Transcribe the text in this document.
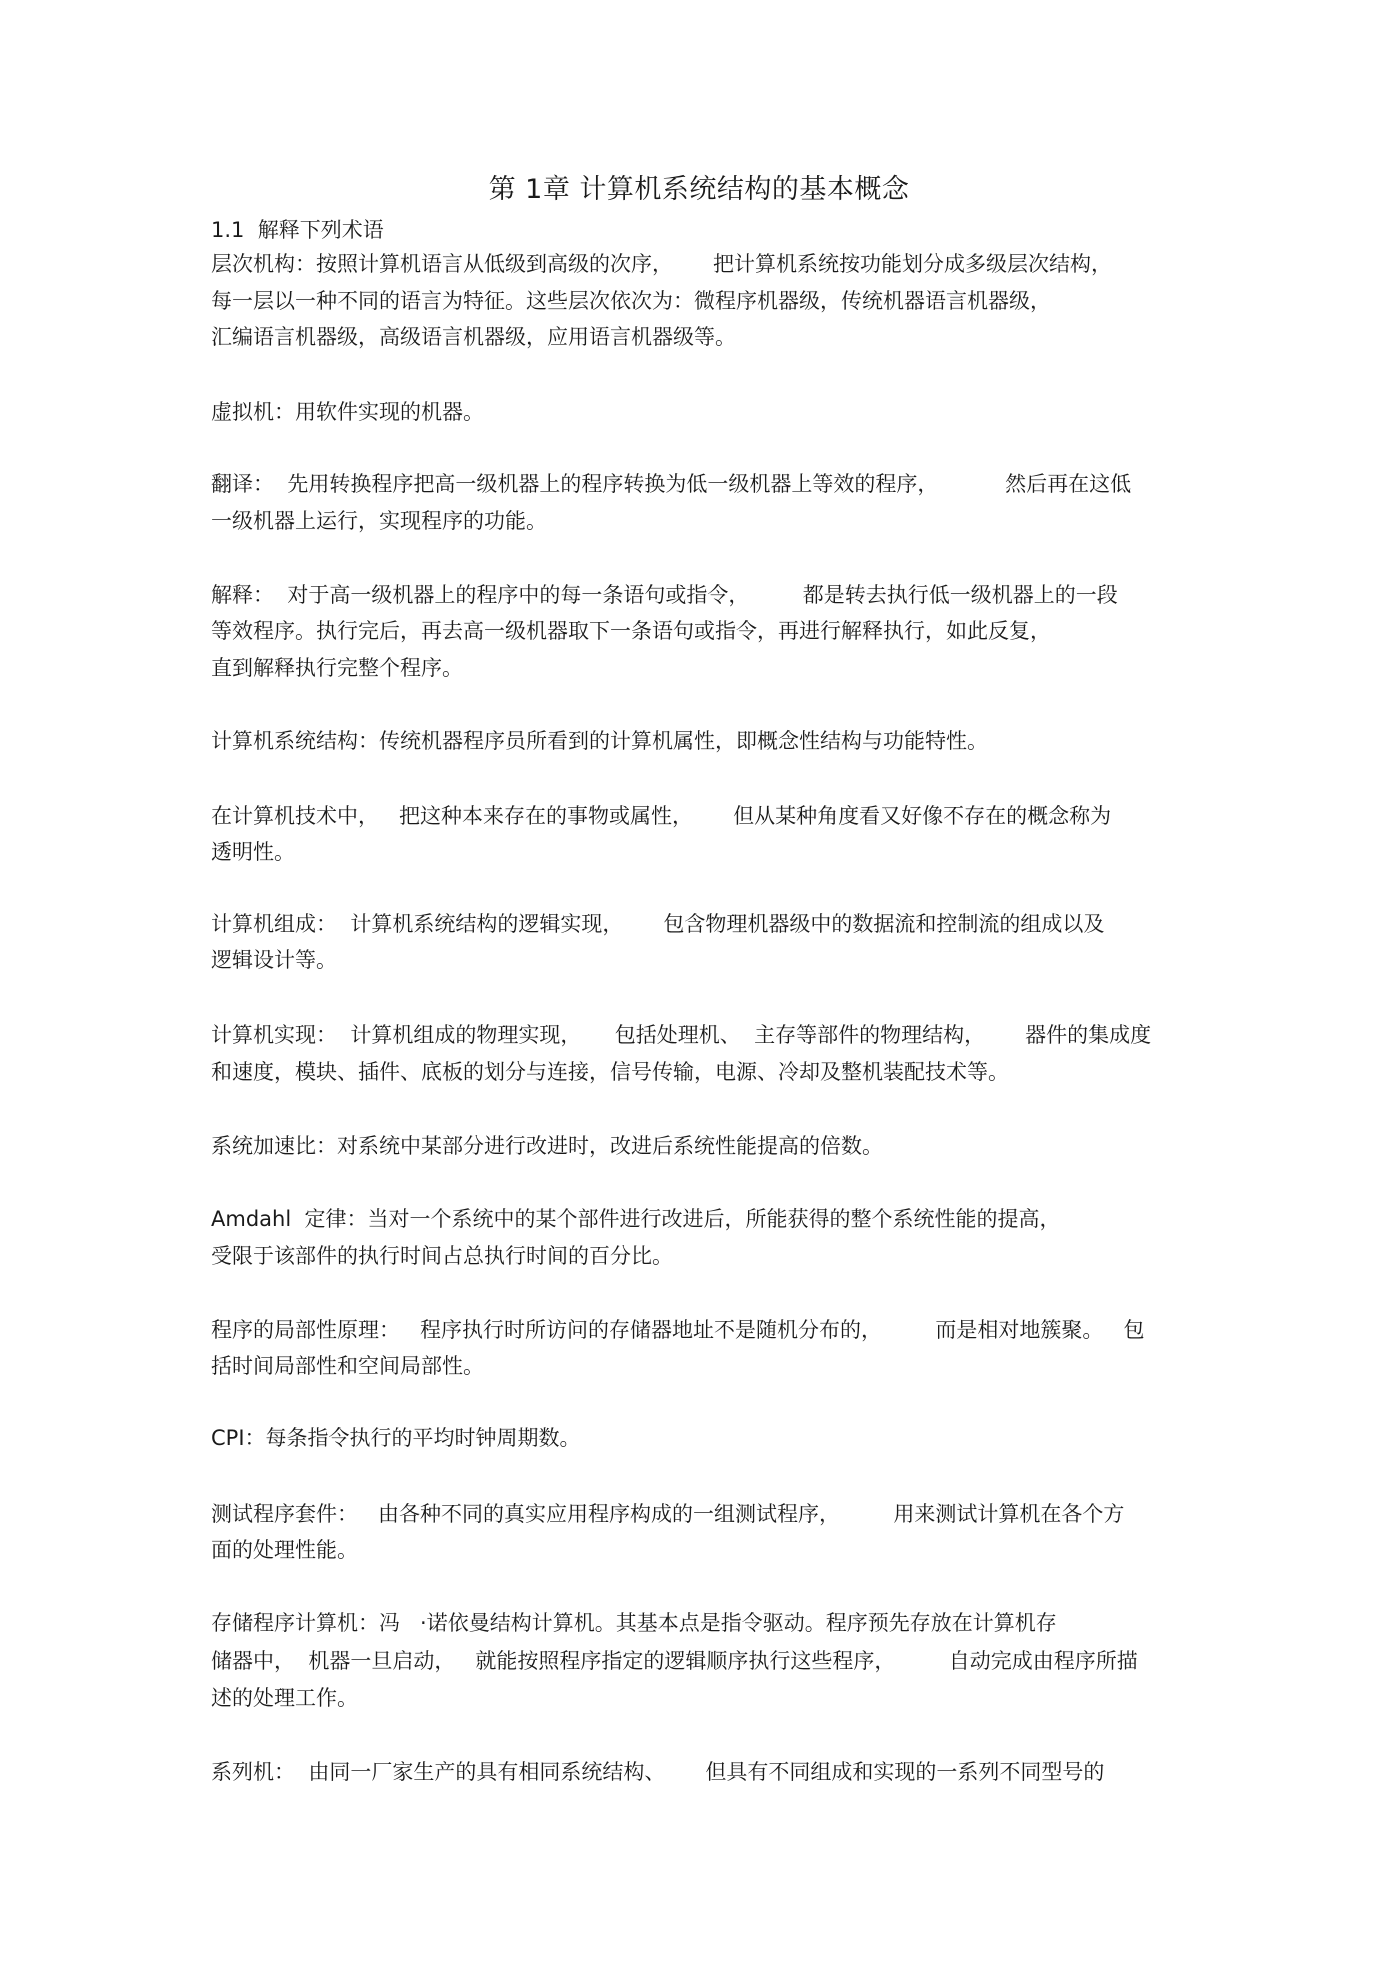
第 1章 计算机系统结构的基本概念
1.1  解释下列术语
层次机构：按照计算机语言从低级到高级的次序，      把计算机系统按功能划分成多级层次结构，
每一层以一种不同的语言为特征。这些层次依次为：微程序机器级，传统机器语言机器级，
汇编语言机器级，高级语言机器级，应用语言机器级等。
虚拟机：用软件实现的机器。
翻译：  先用转换程序把高一级机器上的程序转换为低一级机器上等效的程序，          然后再在这低
一级机器上运行，实现程序的功能。
解释：  对于高一级机器上的程序中的每一条语句或指令，        都是转去执行低一级机器上的一段
等效程序。执行完后，再去高一级机器取下一条语句或指令，再进行解释执行，如此反复，
直到解释执行完整个程序。
计算机系统结构：传统机器程序员所看到的计算机属性，即概念性结构与功能特性。
在计算机技术中，   把这种本来存在的事物或属性，      但从某种角度看又好像不存在的概念称为
透明性。
计算机组成：  计算机系统结构的逻辑实现，      包含物理机器级中的数据流和控制流的组成以及
逻辑设计等。
计算机实现：  计算机组成的物理实现，     包括处理机、  主存等部件的物理结构，      器件的集成度
和速度，模块、插件、底板的划分与连接，信号传输，电源、冷却及整机装配技术等。
系统加速比：对系统中某部分进行改进时，改进后系统性能提高的倍数。
Amdahl  定律：当对一个系统中的某个部件进行改进后，所能获得的整个系统性能的提高，
受限于该部件的执行时间占总执行时间的百分比。
程序的局部性原理：   程序执行时所访问的存储器地址不是随机分布的，        而是相对地簇聚。   包
括时间局部性和空间局部性。
CPI：每条指令执行的平均时钟周期数。
测试程序套件：   由各种不同的真实应用程序构成的一组测试程序，        用来测试计算机在各个方
面的处理性能。
存储程序计算机：冯   ·诺依曼结构计算机。其基本点是指令驱动。程序预先存放在计算机存
储器中，  机器一旦启动，   就能按照程序指定的逻辑顺序执行这些程序，        自动完成由程序所描
述的处理工作。
系列机：  由同一厂家生产的具有相同系统结构、      但具有不同组成和实现的一系列不同型号的
